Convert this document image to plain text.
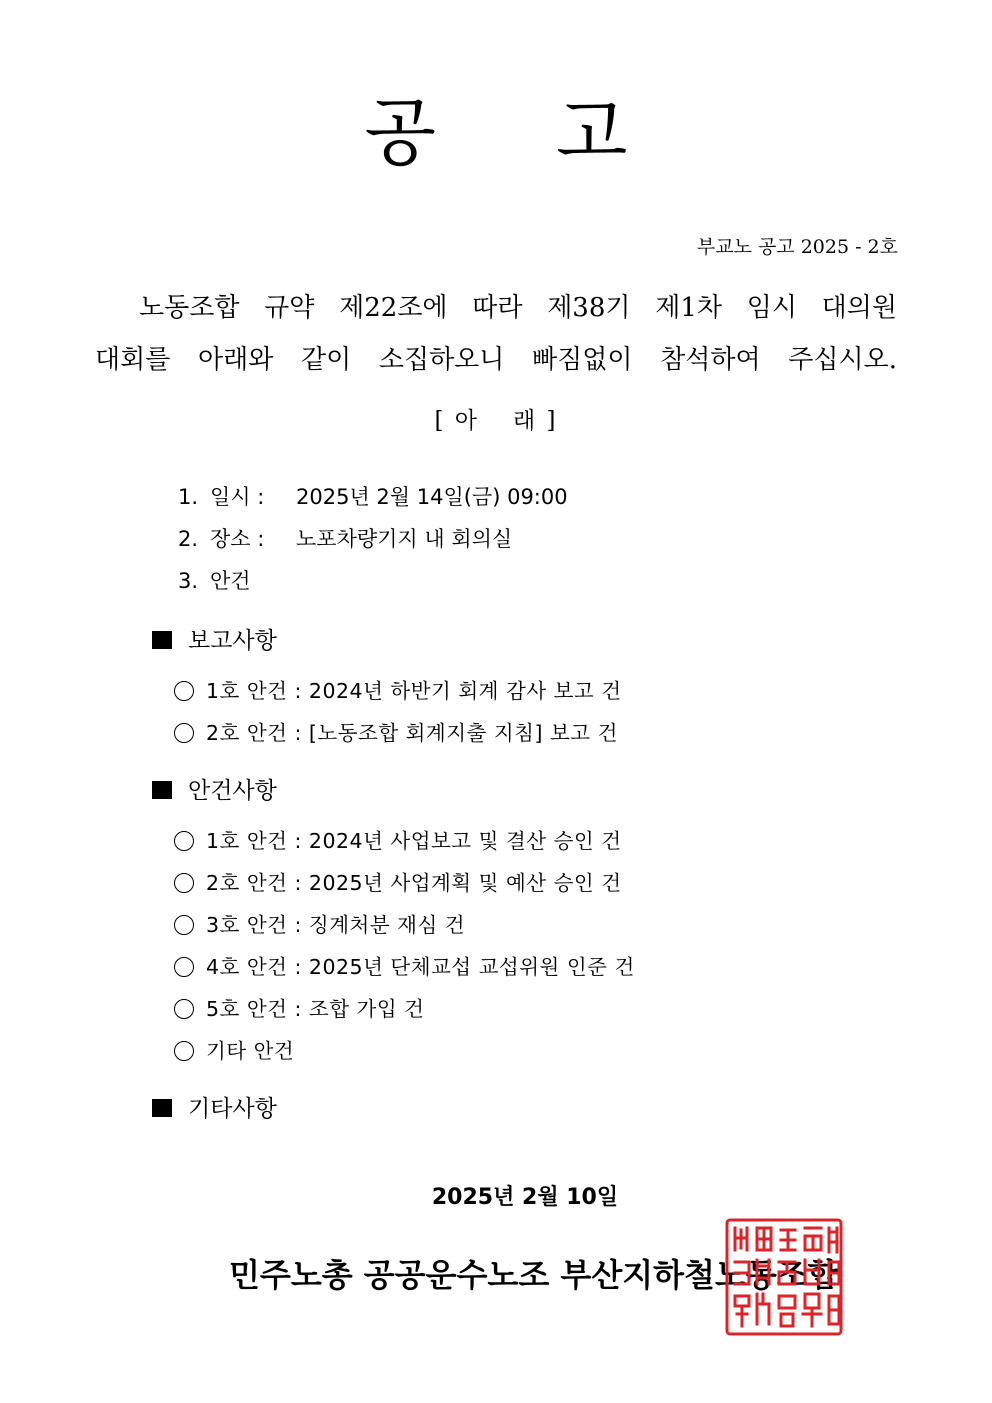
공 고
부교노 공고 2025 - 2호
노동조합 규약 제22조에 따라 제38기 제1차 임시 대의원
대회를 아래와 같이 소집하오니 빠짐없이 참석하여 주십시오.
[ 아 래 ]
1. 일시 : 2025년 2월 14일(금) 09:00
2. 장소 : 노포차량기지 내 회의실
3. 안건
보고사항
1호 안건 : 2024년 하반기 회계 감사 보고 건
2호 안건 : [노동조합 회계지출 지침] 보고 건
안건사항
1호 안건 : 2024년 사업보고 및 결산 승인 건
2호 안건 : 2025년 사업계획 및 예산 승인 건
3호 안건 : 징계처분 재심 건
4호 안건 : 2025년 단체교섭 교섭위원 인준 건
5호 안건 : 조합 가입 건
기타 안건
기타사항
2025년 2월 10일
민주노총 공공운수노조 부산지하철노동조합
